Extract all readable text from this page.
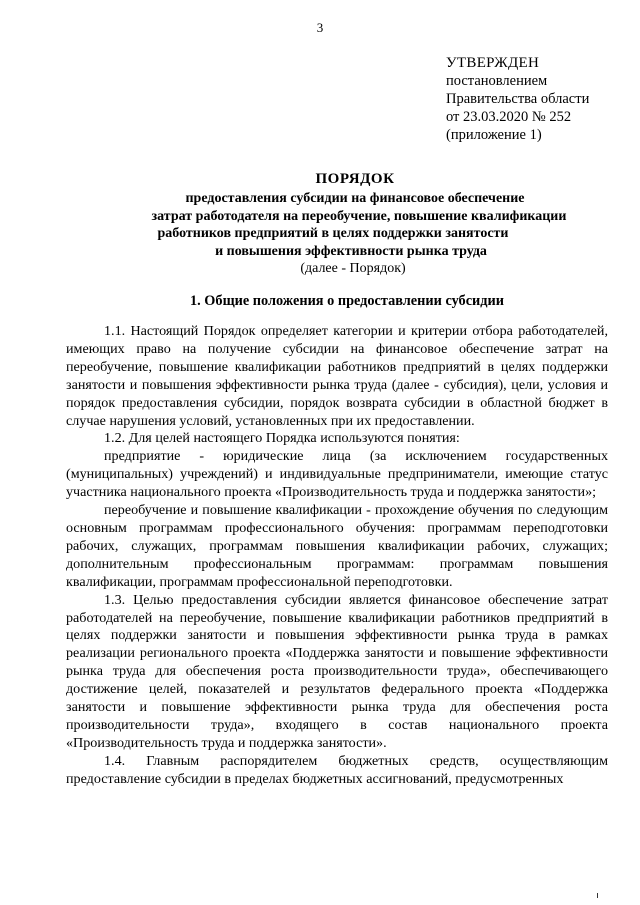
3
УТВЕРЖДЕН
постановлением
Правительства области
от 23.03.2020 № 252
(приложение 1)
ПОРЯДОК
предоставления субсидии на финансовое обеспечение
затрат работодателя на переобучение, повышение квалификации
работников предприятий в целях поддержки занятости
и повышения эффективности рынка труда
(далее - Порядок)
1. Общие положения о предоставлении субсидии

1.1. Настоящий Порядок определяет категории и критерии отбора работодателей, имеющих право на получение субсидии на финансовое обеспечение затрат на переобучение, повышение квалификации работников предприятий в целях поддержки занятости и повышения эффективности рынка труда (далее - субсидия), цели, условия и порядок предоставления субсидии, порядок возврата субсидии в областной бюджет в случае нарушения условий, установленных при их предоставлении.

1.2. Для целей настоящего Порядка используются понятия:

предприятие - юридические лица (за исключением государственных (муниципальных) учреждений) и индивидуальные предприниматели, имеющие статус участника национального проекта «Производительность труда и поддержка занятости»;

переобучение и повышение квалификации - прохождение обучения по следующим основным программам профессионального обучения: программам переподготовки рабочих, служащих, программам повышения квалификации рабочих, служащих; дополнительным профессиональным программам: программам повышения квалификации, программам профессиональной переподготовки.

1.3. Целью предоставления субсидии является финансовое обеспечение затрат работодателей на переобучение, повышение квалификации работников предприятий в целях поддержки занятости и повышения эффективности рынка труда в рамках реализации регионального проекта «Поддержка занятости и повышение эффективности рынка труда для обеспечения роста производительности труда», обеспечивающего достижение целей, показателей и результатов федерального проекта «Поддержка занятости и повышение эффективности рынка труда для обеспечения роста производительности труда», входящего в состав национального проекта «Производительность труда и поддержка занятости».

1.4. Главным распорядителем бюджетных средств, осуществляющим предоставление субсидии в пределах бюджетных ассигнований, предусмотренных
